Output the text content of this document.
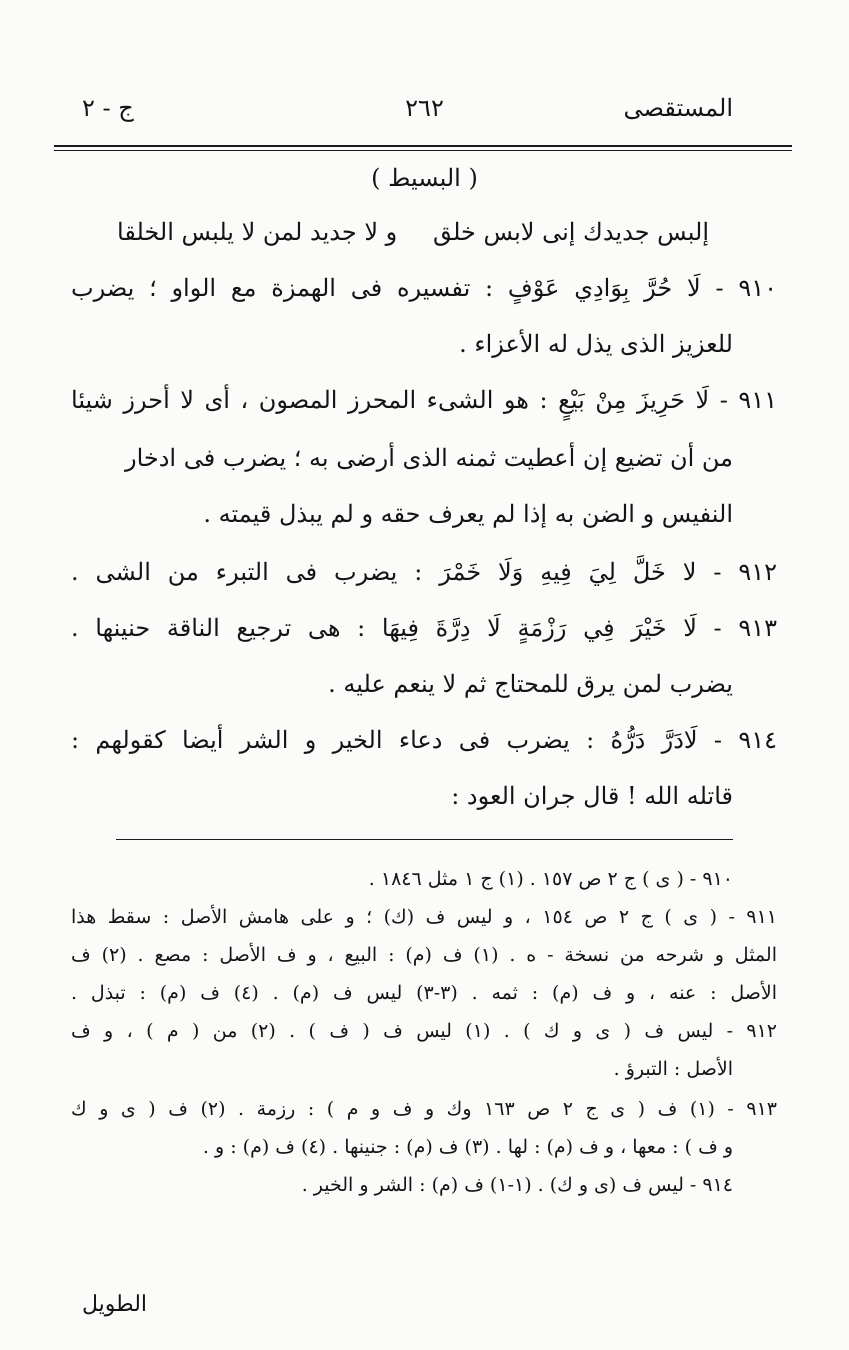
المستقصى
٢٦٢
ج - ٢
( البسيط )
إلبس جديدك إنى لابس خلق
و لا جديد لمن لا يلبس الخلقا
٩١٠ - لَا حُرَّ بِوَادِي عَوْفٍ : تفسيره فى الهمزة مع الواو ؛ يضرب
للعزيز الذى يذل له الأعزاء .
٩١١ - لَا حَرِيزَ مِنْ بَيْعٍ : هو الشىء المحرز المصون ، أى لا أحرز شيئا
من أن تضيع إن أعطيت ثمنه الذى أرضى به ؛ يضرب فى ادخار
النفيس و الضن به إذا لم يعرف حقه و لم يبذل قيمته .
٩١٢ - لا خَلَّ لِيَ فِيهِ وَلَا خَمْرَ : يضرب فى التبرء من الشى .
٩١٣ - لَا خَيْرَ فِي رَزْمَةٍ لَا دِرَّةَ فِيهَا : هى ترجيع الناقة حنينها .
يضرب لمن يرق للمحتاج ثم لا ينعم عليه .
٩١٤ - لَادَرَّ دَرُّهُ : يضرب فى دعاء الخير و الشر أيضا كقولهم :
قاتله الله ! قال جران العود :
٩١٠ - ( ى ) ج ٢ ص ١٥٧ . (١) ج ١ مثل ١٨٤٦ .
٩١١ - ( ى ) ج ٢ ص ١٥٤ ، و ليس ف (ك) ؛ و على هامش الأصل : سقط هذا
المثل و شرحه من نسخة - ه . (١) ف (م) : البيع ، و ف الأصل : مصع . (٢) ف
الأصل : عنه ، و ف (م) : ثمه . (٣-٣) ليس ف (م) . (٤) ف (م) : تبذل .
٩١٢ - ليس ف ( ى و ك ) . (١) ليس ف ( ف ) . (٢) من ( م ) ، و ف
الأصل : التبرؤ .
٩١٣ - (١) ف ( ى ج ٢ ص ١٦٣ وك و ف و م ) : رزمة . (٢) ف ( ى و ك
و ف ) : معها ، و ف (م) : لها . (٣) ف (م) : جنينها . (٤) ف (م) : و .
٩١٤ - ليس ف (ى و ك) . (١-١) ف (م) : الشر و الخير .
الطويل
